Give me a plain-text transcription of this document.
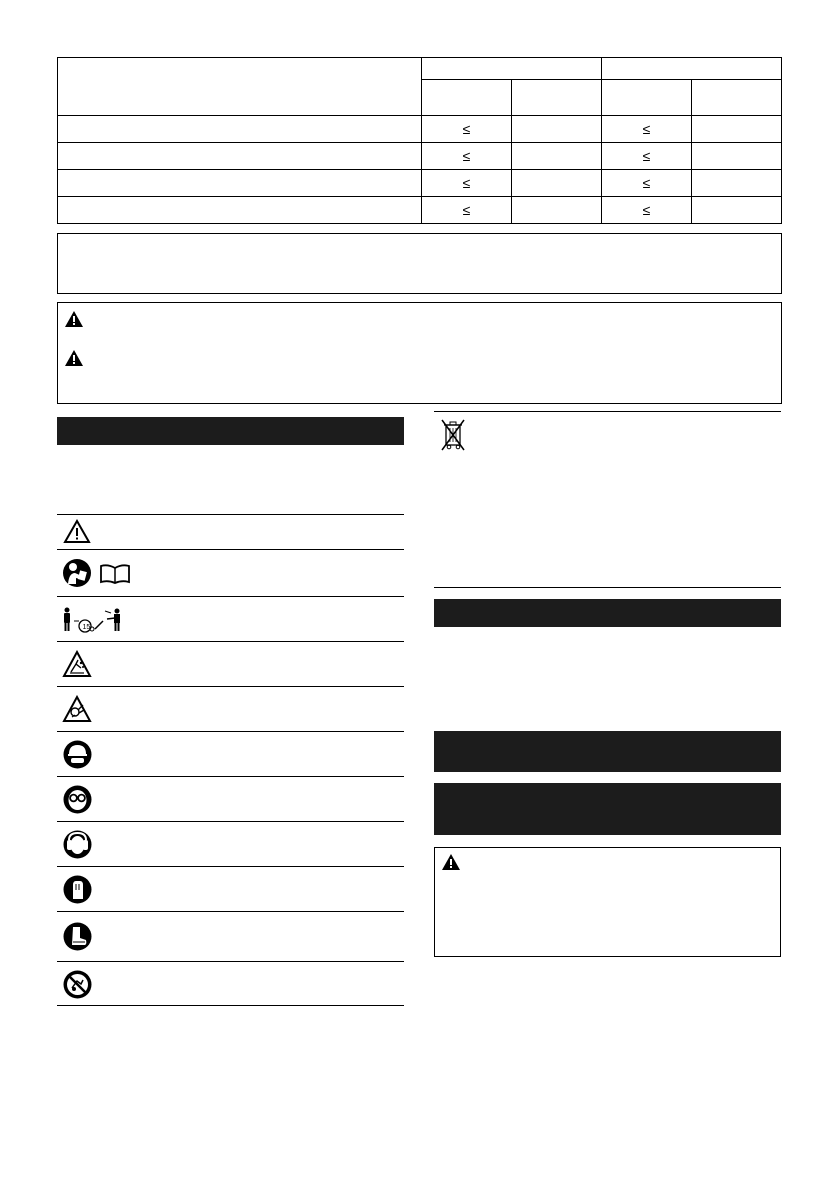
	≤		≤	
	≤		≤	
	≤		≤	
	≤		≤	
15
